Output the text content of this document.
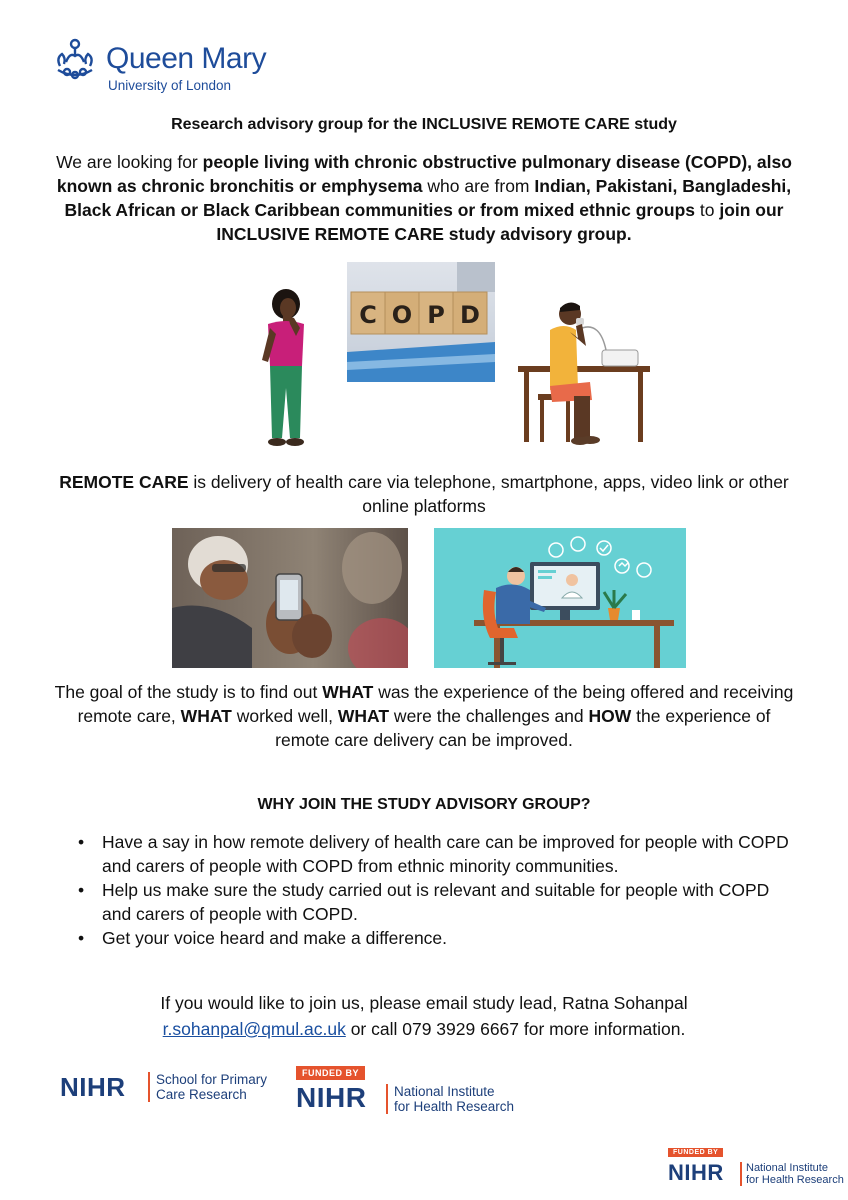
Queen Mary
University of London
Research advisory group for the INCLUSIVE REMOTE CARE study
We are looking for people living with chronic obstructive pulmonary disease (COPD), also known as chronic bronchitis or emphysema who are from Indian, Pakistani, Bangladeshi, Black African or Black Caribbean communities or from mixed ethnic groups to join our INCLUSIVE REMOTE CARE study advisory group.
C O P D
REMOTE CARE is delivery of health care via telephone, smartphone, apps, video link or other online platforms
The goal of the study is to find out WHAT was the experience of the being offered and receiving remote care, WHAT worked well, WHAT were the challenges and HOW the experience of remote care delivery can be improved.
WHY JOIN THE STUDY ADVISORY GROUP?
• Have a say in how remote delivery of health care can be improved for people with COPD and carers of people with COPD from ethnic minority communities.
• Help us make sure the study carried out is relevant and suitable for people with COPD and carers of people with COPD.
• Get your voice heard and make a difference.
If you would like to join us, please email study lead, Ratna Sohanpal
r.sohanpal@qmul.ac.uk or call 079 3929 6667 for more information.
NIHR School for Primary
Care Research
FUNDED BY
NIHR National Institute
for Health Research
FUNDED BY
NIHR National Institute
for Health Research
